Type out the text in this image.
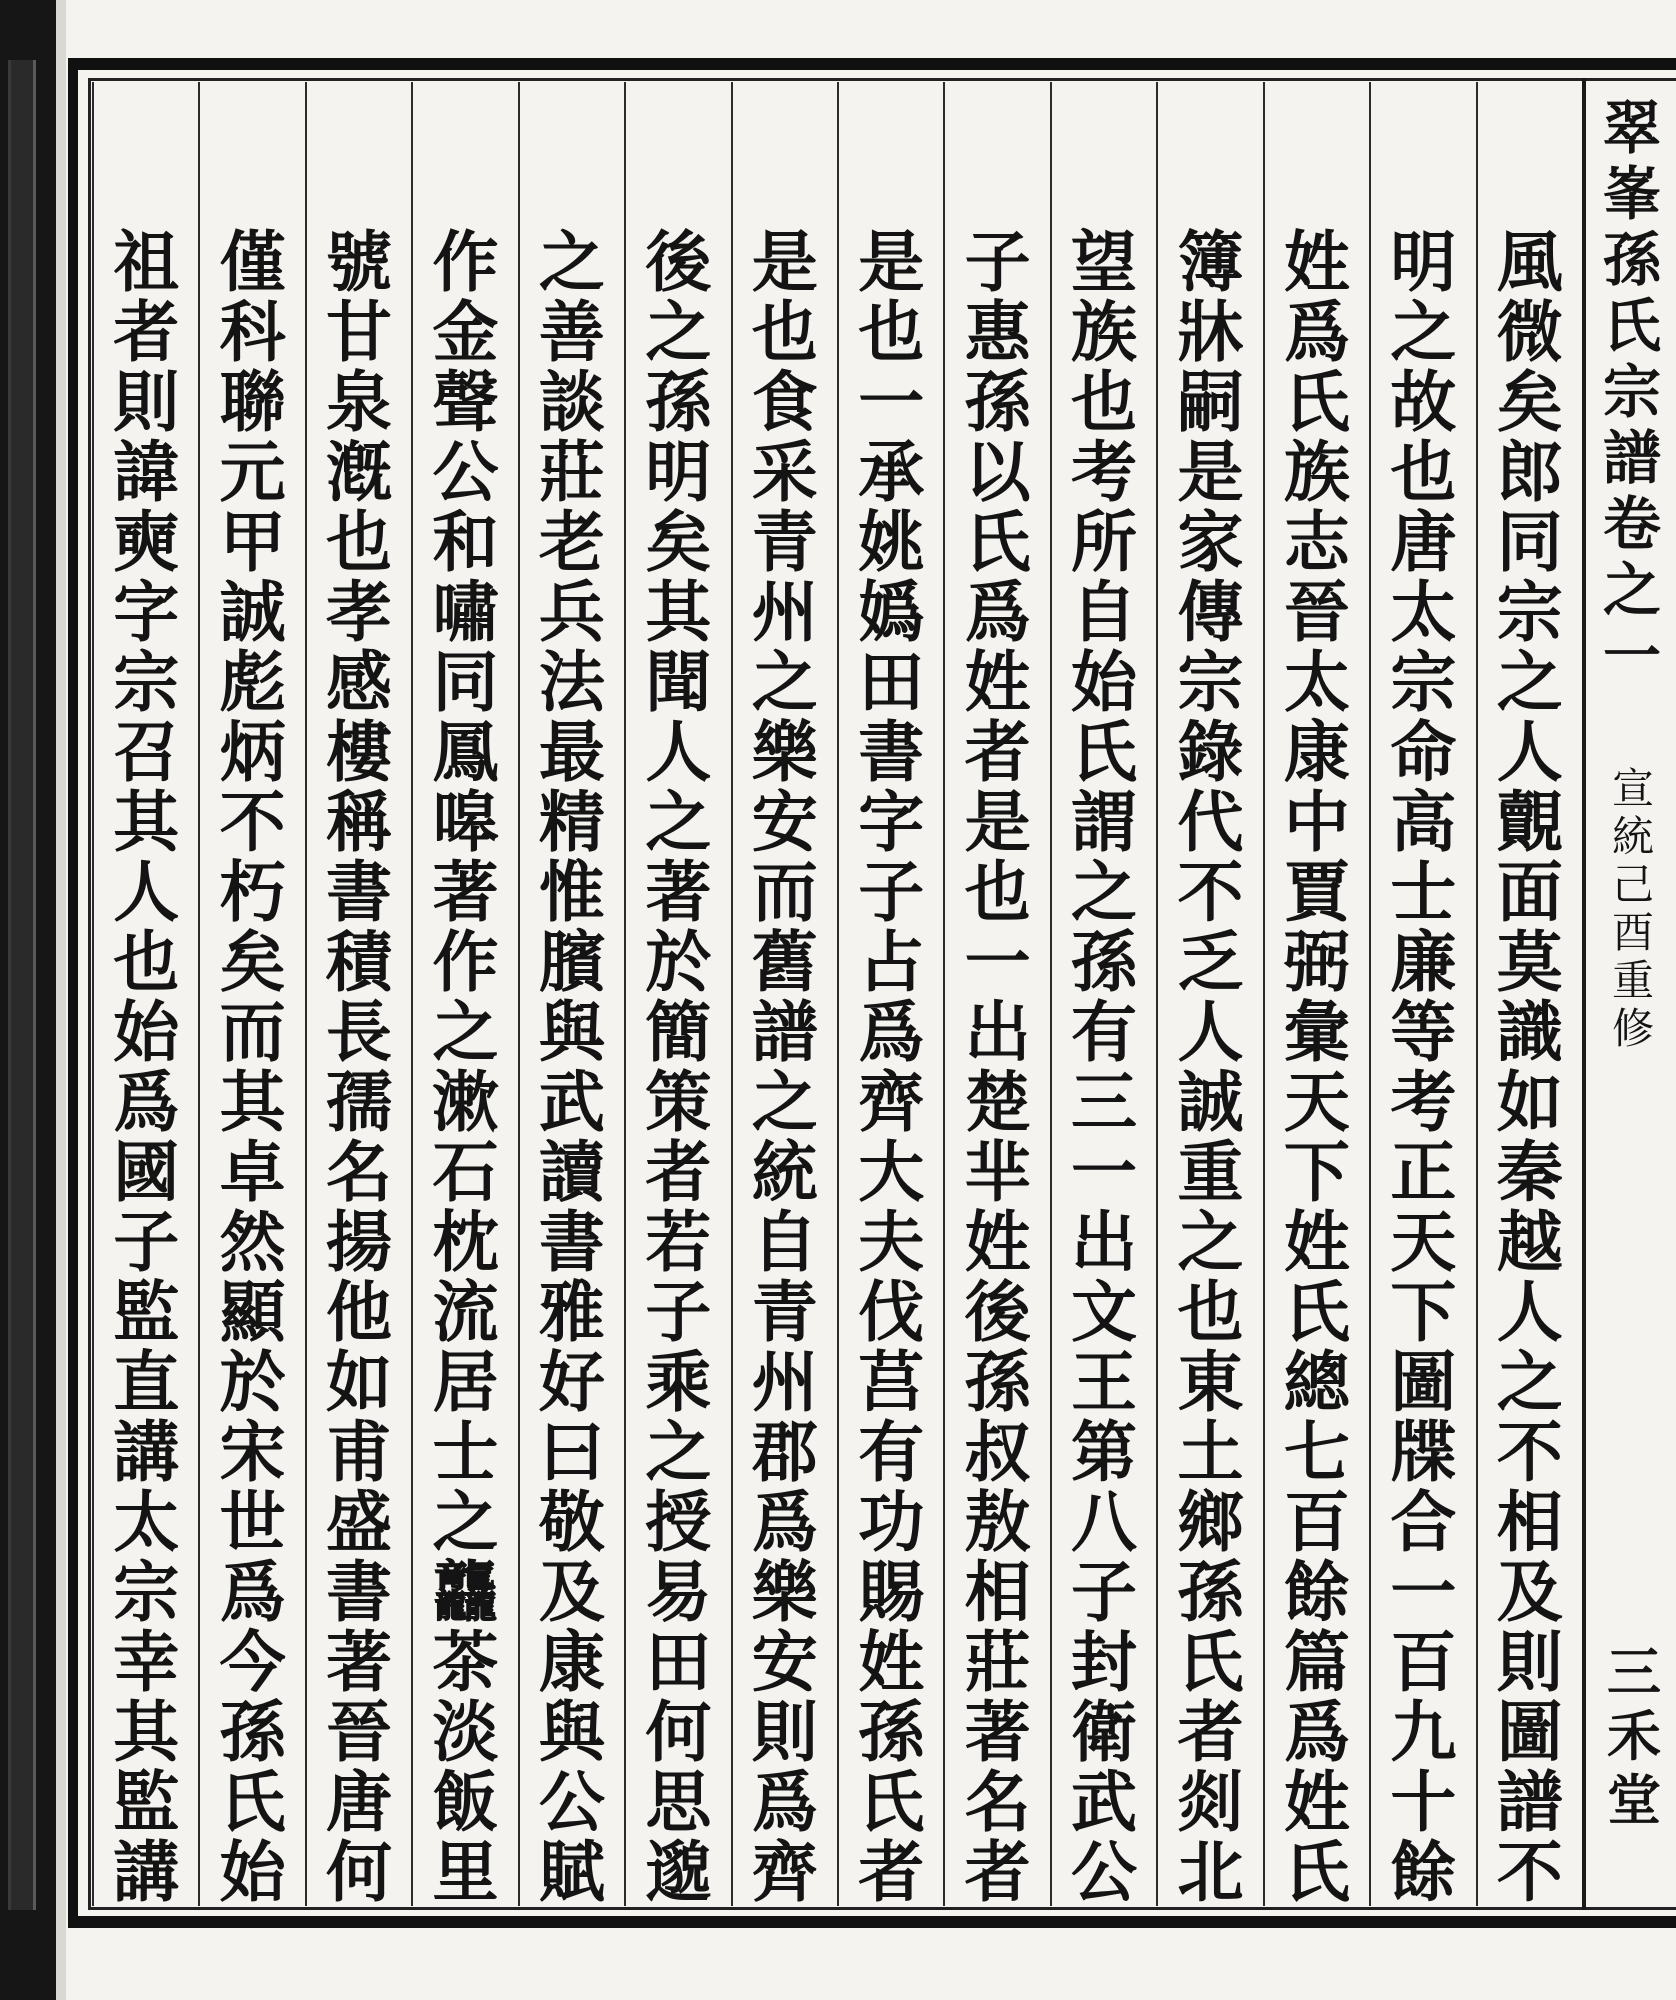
翠
峯
孫
氏
宗
譜
卷
之
一
宣
統
己
酉
重
修
三
禾
堂
風
微
矣
郎
同
宗
之
人
覿
面
莫
識
如
秦
越
人
之
不
相
及
則
圖
譜
不
明
之
故
也
唐
太
宗
命
高
士
廉
等
考
正
天
下
圖
牒
合
一
百
九
十
餘
姓
爲
氏
族
志
晉
太
康
中
賈
弼
彙
天
下
姓
氏
總
七
百
餘
篇
爲
姓
氏
簿
牀
嗣
是
家
傳
宗
錄
代
不
乏
人
誠
重
之
也
東
土
鄉
孫
氏
者
剡
北
望
族
也
考
所
自
始
氏
謂
之
孫
有
三
一
出
文
王
第
八
子
封
衛
武
公
子
惠
孫
以
氏
爲
姓
者
是
也
一
出
楚
芈
姓
後
孫
叔
敖
相
莊
著
名
者
是
也
一
承
姚
嬀
田
書
字
子
占
爲
齊
大
夫
伐
莒
有
功
賜
姓
孫
氏
者
是
也
食
采
青
州
之
樂
安
而
舊
譜
之
統
自
青
州
郡
爲
樂
安
則
爲
齊
後
之
孫
明
矣
其
聞
人
之
著
於
簡
策
者
若
子
乘
之
授
易
田
何
思
邈
之
善
談
莊
老
兵
法
最
精
惟
臏
與
武
讀
書
雅
好
曰
敬
及
康
與
公
賦
作
金
聲
公
和
嘯
同
鳳
嗥
著
作
之
漱
石
枕
流
居
士
之
龘
茶
淡
飯
里
號
甘
泉
漑
也
孝
感
樓
稱
書
積
長
孺
名
揚
他
如
甫
盛
書
著
晉
唐
何
僅
科
聯
元
甲
誠
彪
炳
不
朽
矣
而
其
卓
然
顯
於
宋
世
爲
今
孫
氏
始
祖
者
則
諱
奭
字
宗
召
其
人
也
始
爲
國
子
監
直
講
太
宗
幸
其
監
講
